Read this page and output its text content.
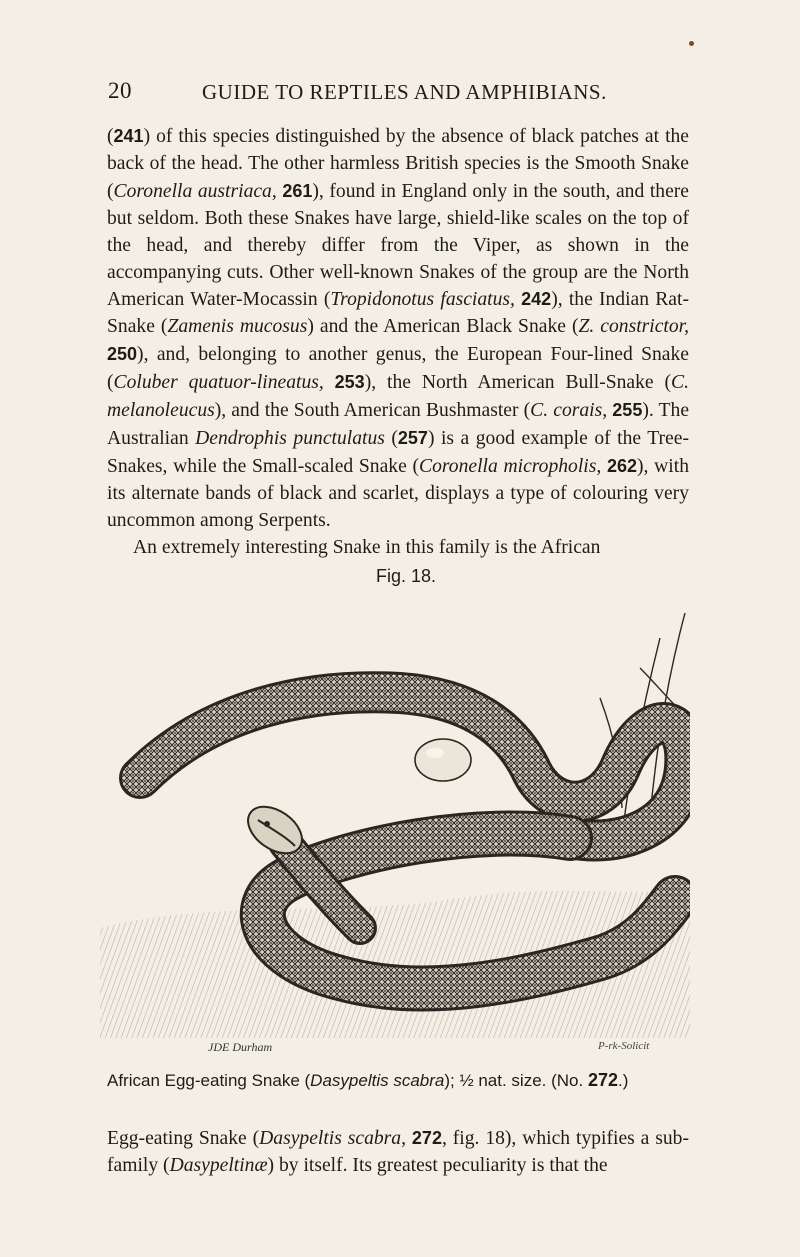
20	GUIDE TO REPTILES AND AMPHIBIANS.

(241) of this species distinguished by the absence of black patches at the back of the head. The other harmless British species is the Smooth Snake (Coronella austriaca, 261), found in England only in the south, and there but seldom. Both these Snakes have large, shield-like scales on the top of the head, and thereby differ from the Viper, as shown in the accompanying cuts. Other well-known Snakes of the group are the North American Water-Mocassin (Tropidonotus fasciatus, 242), the Indian Rat-Snake (Zamenis mucosus) and the American Black Snake (Z. constrictor, 250), and, belonging to another genus, the European Four-lined Snake (Coluber quatuor-lineatus, 253), the North American Bull-Snake (C. melanoleucus), and the South American Bushmaster (C. corais, 255). The Australian Dendrophis punctulatus (257) is a good example of the Tree-Snakes, while the Small-scaled Snake (Coronella micropholis, 262), with its alternate bands of black and scarlet, displays a type of colouring very uncommon among Serpents.

An extremely interesting Snake in this family is the African

Fig. 18.
JDE Durham	P-rk-Solicit
African Egg-eating Snake (Dasypeltis scabra); ½ nat. size. (No. 272.)

Egg-eating Snake (Dasypeltis scabra, 272, fig. 18), which typifies a sub-family (Dasypeltinæ) by itself. Its greatest peculiarity is that the
